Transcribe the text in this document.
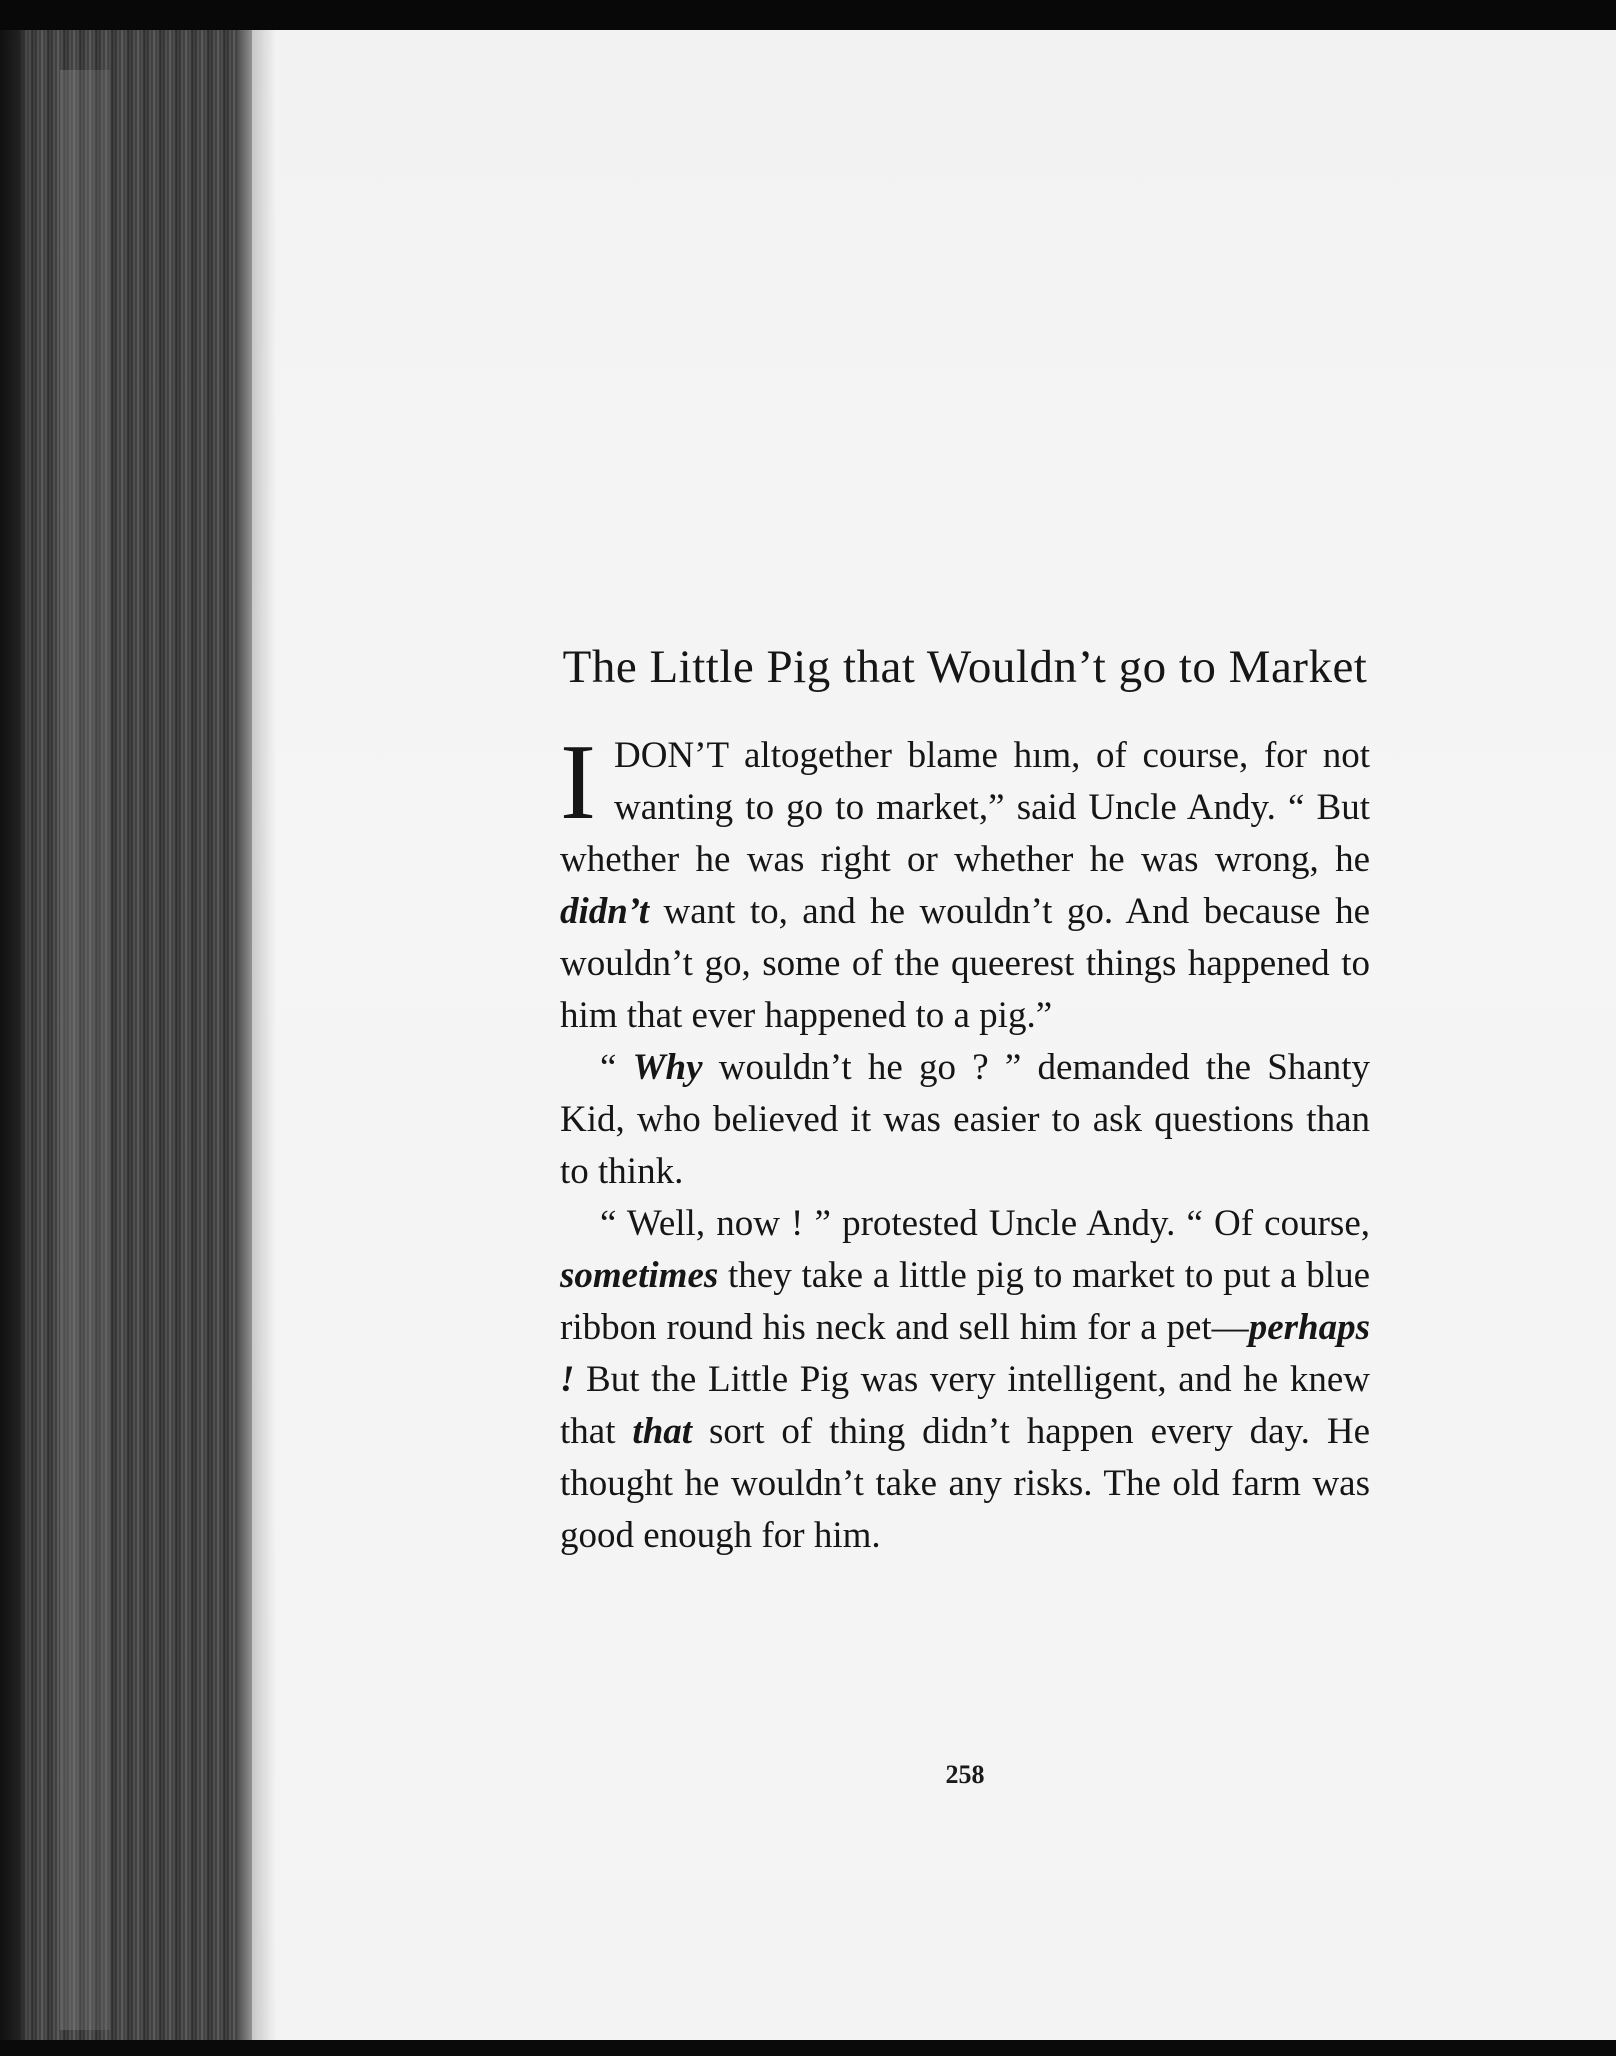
The Little Pig that Wouldn’t go to Market

I DON’T altogether blame hım, of course, for not wanting to go to market,” said Uncle Andy. “ But whether he was right or whether he was wrong, he didn’t want to, and he wouldn’t go. And because he wouldn’t go, some of the queerest things happened to him that ever happened to a pig.”

“ Why wouldn’t he go ? ” demanded the Shanty Kid, who believed it was easier to ask questions than to think.

“ Well, now ! ” protested Uncle Andy. “ Of course, sometimes they take a little pig to market to put a blue ribbon round his neck and sell him for a pet—perhaps ! But the Little Pig was very intelligent, and he knew that that sort of thing didn’t happen every day. He thought he wouldn’t take any risks. The old farm was good enough for him.

258
